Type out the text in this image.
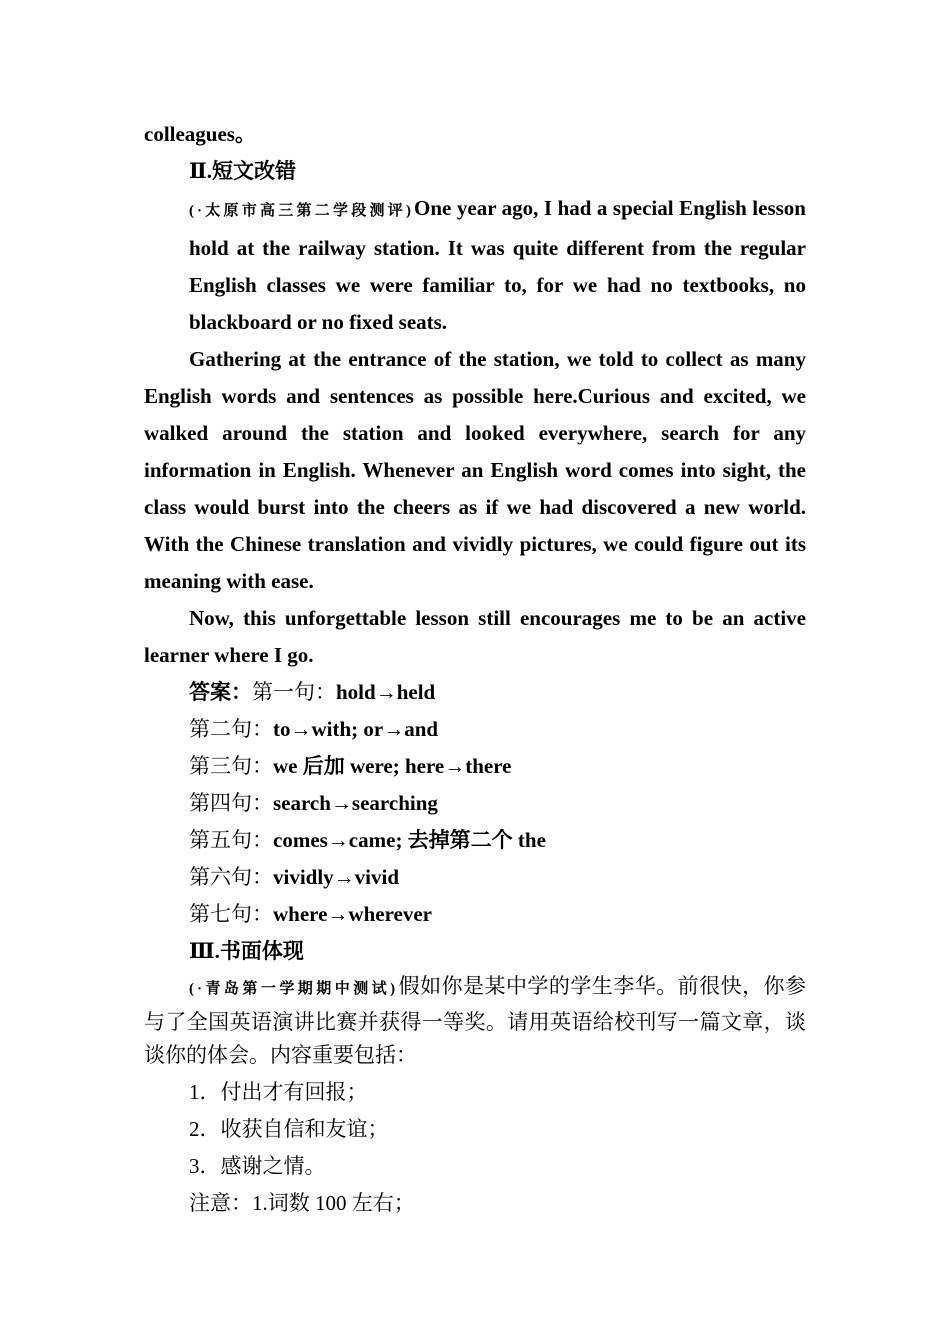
colleagues。
Ⅱ.短文改错
(·太原市高三第二学段测评)One year ago, I had a special English lesson hold at the railway station. It was quite different from the regular English classes we were familiar to, for we had no textbooks, no blackboard or no fixed seats.
Gathering at the entrance of the station, we told to collect as many English words and sentences as possible here.Curious and excited, we walked around the station and looked everywhere, search for any information in English. Whenever an English word comes into sight, the class would burst into the cheers as if we had discovered a new world. With the Chinese translation and vividly pictures, we could figure out its meaning with ease.
Now, this unforgettable lesson still encourages me to be an active learner where I go.
答案：第一句：hold→held
第二句：to→with; or→and
第三句：we 后加 were; here→there
第四句：search→searching
第五句：comes→came; 去掉第二个 the
第六句：vividly→vivid
第七句：where→wherever
Ⅲ.书面体现
(·青岛第一学期期中测试)假如你是某中学的学生李华。前很快，你参与了全国英语演讲比赛并获得一等奖。请用英语给校刊写一篇文章，谈谈你的体会。内容重要包括：
1．付出才有回报；
2．收获自信和友谊；
3．感谢之情。
注意：1.词数 100 左右；
